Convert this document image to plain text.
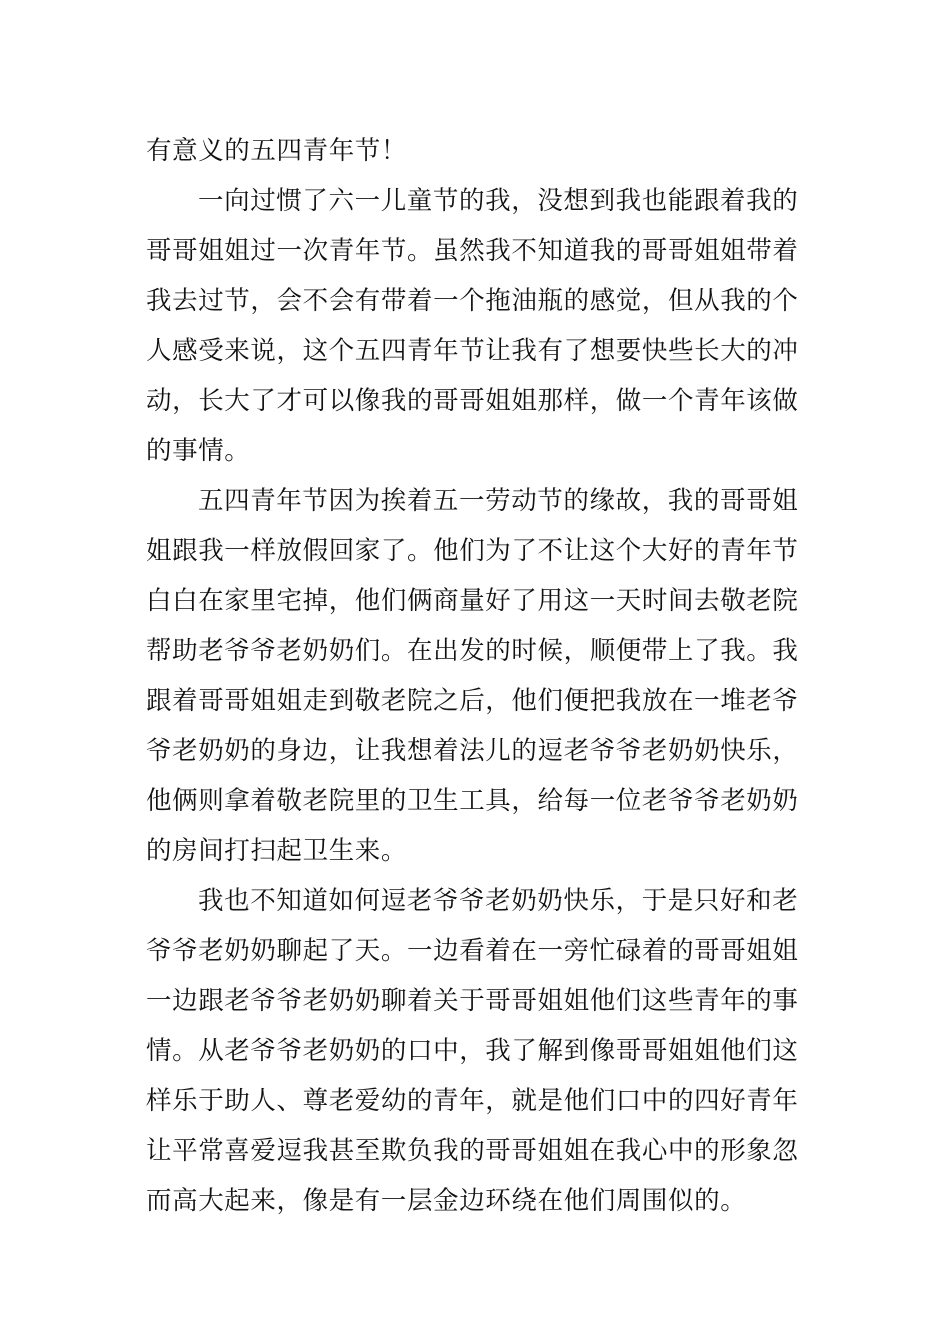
有意义的五四青年节！
一向过惯了六一儿童节的我，没想到我也能跟着我的
哥哥姐姐过一次青年节。虽然我不知道我的哥哥姐姐带着
我去过节，会不会有带着一个拖油瓶的感觉，但从我的个
人感受来说，这个五四青年节让我有了想要快些长大的冲
动，长大了才可以像我的哥哥姐姐那样，做一个青年该做
的事情。
五四青年节因为挨着五一劳动节的缘故，我的哥哥姐
姐跟我一样放假回家了。他们为了不让这个大好的青年节
白白在家里宅掉，他们俩商量好了用这一天时间去敬老院
帮助老爷爷老奶奶们。在出发的时候，顺便带上了我。我
跟着哥哥姐姐走到敬老院之后，他们便把我放在一堆老爷
爷老奶奶的身边，让我想着法儿的逗老爷爷老奶奶快乐，
他俩则拿着敬老院里的卫生工具，给每一位老爷爷老奶奶
的房间打扫起卫生来。
我也不知道如何逗老爷爷老奶奶快乐，于是只好和老
爷爷老奶奶聊起了天。一边看着在一旁忙碌着的哥哥姐姐
一边跟老爷爷老奶奶聊着关于哥哥姐姐他们这些青年的事
情。从老爷爷老奶奶的口中，我了解到像哥哥姐姐他们这
样乐于助人、尊老爱幼的青年，就是他们口中的四好青年
让平常喜爱逗我甚至欺负我的哥哥姐姐在我心中的形象忽
而高大起来，像是有一层金边环绕在他们周围似的。
